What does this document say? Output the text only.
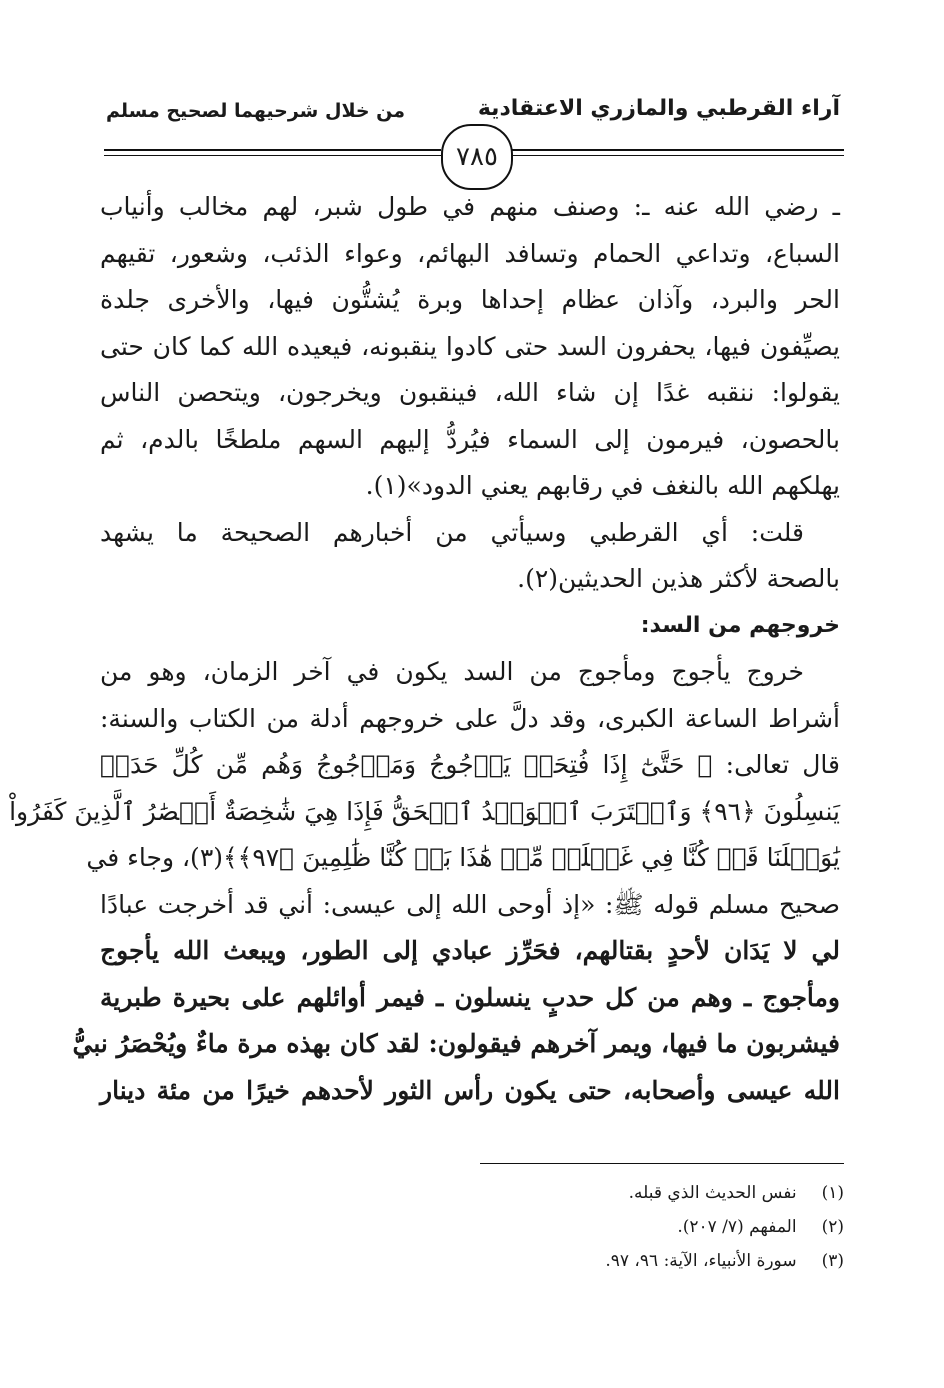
آراء القرطبي والمازري الاعتقادية
من خلال شرحيهما لصحيح مسلم
٧٨٥
ـ رضي الله عنه ـ: وصنف منهم في طول شبر، لهم مخالب وأنياب
السباع، وتداعي الحمام وتسافد البهائم، وعواء الذئب، وشعور، تقيهم
الحر والبرد، وآذان عظام إحداها وبرة يُشتُّون فيها، والأخرى جلدة
يصيِّفون فيها، يحفرون السد حتى كادوا ينقبونه، فيعيده الله كما كان حتى
يقولوا: ننقبه غدًا إن شاء الله، فينقبون ويخرجون، ويتحصن الناس
بالحصون، فيرمون إلى السماء فيُردُّ إليهم السهم ملطخًا بالدم، ثم
يهلكهم الله بالنغف في رقابهم يعني الدود»(١).
قلت: أي القرطبي وسيأتي من أخبارهم الصحيحة ما يشهد
بالصحة لأكثر هذين الحديثين(٢).
خروجهم من السد:
خروج يأجوج ومأجوج من السد يكون في آخر الزمان، وهو من
أشراط الساعة الكبرى، وقد دلَّ على خروجهم أدلة من الكتاب والسنة:
قال تعالى: ﴿ حَتَّىٰٓ إِذَا فُتِحَتۡ يَأۡجُوجُ وَمَأۡجُوجُ وَهُم مِّن كُلِّ حَدَبٖ
يَنسِلُونَ ﴿٩٦﴾ وَٱقۡتَرَبَ ٱلۡوَعۡدُ ٱلۡحَقُّ فَإِذَا هِيَ شَٰخِصَةٌ أَبۡصَٰرُ ٱلَّذِينَ كَفَرُواْ
يَٰوَيۡلَنَا قَدۡ كُنَّا فِي غَفۡلَةٖ مِّنۡ هَٰذَا بَلۡ كُنَّا ظَٰلِمِينَ ﴿٩٧﴾﴾(٣)، وجاء في
صحيح مسلم قوله ﷺ: «إذ أوحى الله إلى عيسى: أني قد أخرجت عبادًا
لي لا يَدَان لأحدٍ بقتالهم، فحَرِّز عبادي إلى الطور، ويبعث الله يأجوج
ومأجوج ـ وهم من كل حدبٍ ينسلون ـ فيمر أوائلهم على بحيرة طبرية
فيشربون ما فيها، ويمر آخرهم فيقولون: لقد كان بهذه مرة ماءٌ ويُحْصَرُ نبيُّ
الله عيسى وأصحابه، حتى يكون رأس الثور لأحدهم خيرًا من مئة دينار
(١) نفس الحديث الذي قبله.
(٢) المفهم (٧/ ٢٠٧).
(٣) سورة الأنبياء، الآية: ٩٦، ٩٧.
